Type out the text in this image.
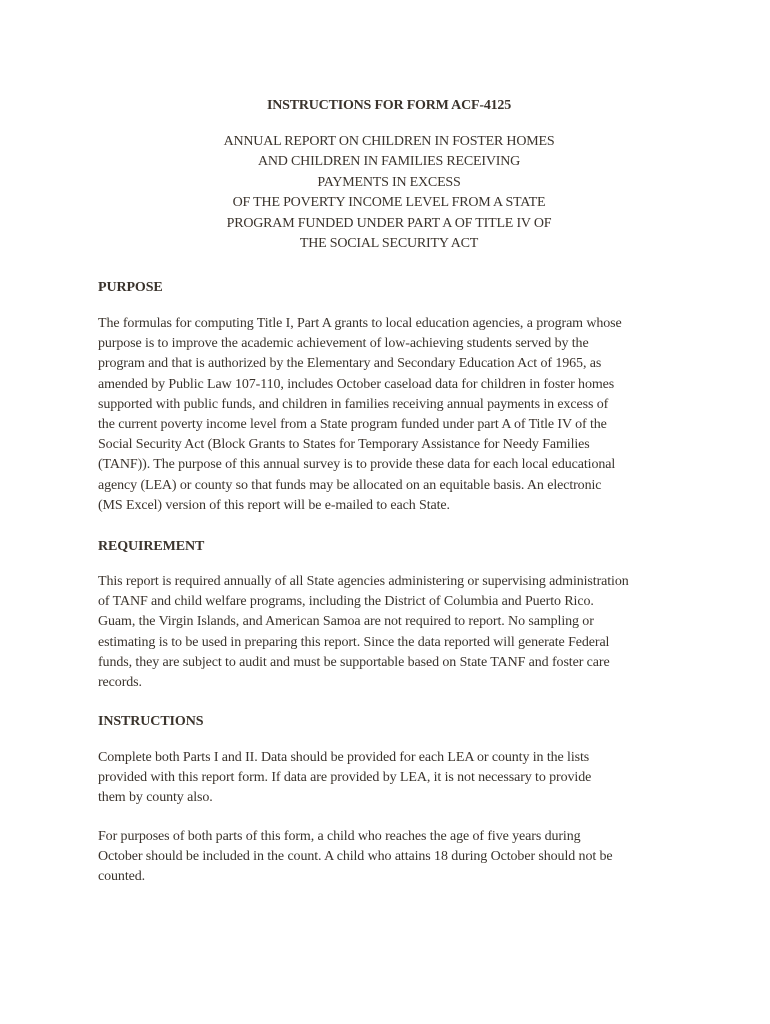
INSTRUCTIONS FOR FORM ACF-4125
ANNUAL REPORT ON CHILDREN IN FOSTER HOMES
AND CHILDREN IN FAMILIES RECEIVING
PAYMENTS IN EXCESS
OF THE POVERTY INCOME LEVEL FROM A STATE
PROGRAM FUNDED UNDER PART A OF TITLE IV OF
THE SOCIAL SECURITY ACT
PURPOSE
The formulas for computing Title I, Part A grants to local education agencies, a program whose
purpose is to improve the academic achievement of low-achieving students served by the
program and that is authorized by the Elementary and Secondary Education Act of 1965, as
amended by Public Law 107-110, includes October caseload data for children in foster homes
supported with public funds, and children in families receiving annual payments in excess of
the current poverty income level from a State program funded under part A of Title IV of the
Social Security Act (Block Grants to States for Temporary Assistance for Needy Families
(TANF)). The purpose of this annual survey is to provide these data for each local educational
agency (LEA) or county so that funds may be allocated on an equitable basis. An electronic
(MS Excel) version of this report will be e-mailed to each State.
REQUIREMENT
This report is required annually of all State agencies administering or supervising administration
of TANF and child welfare programs, including the District of Columbia and Puerto Rico.
Guam, the Virgin Islands, and American Samoa are not required to report. No sampling or
estimating is to be used in preparing this report. Since the data reported will generate Federal
funds, they are subject to audit and must be supportable based on State TANF and foster care
records.
INSTRUCTIONS
Complete both Parts I and II. Data should be provided for each LEA or county in the lists
provided with this report form. If data are provided by LEA, it is not necessary to provide
them by county also.
For purposes of both parts of this form, a child who reaches the age of five years during
October should be included in the count. A child who attains 18 during October should not be
counted.
